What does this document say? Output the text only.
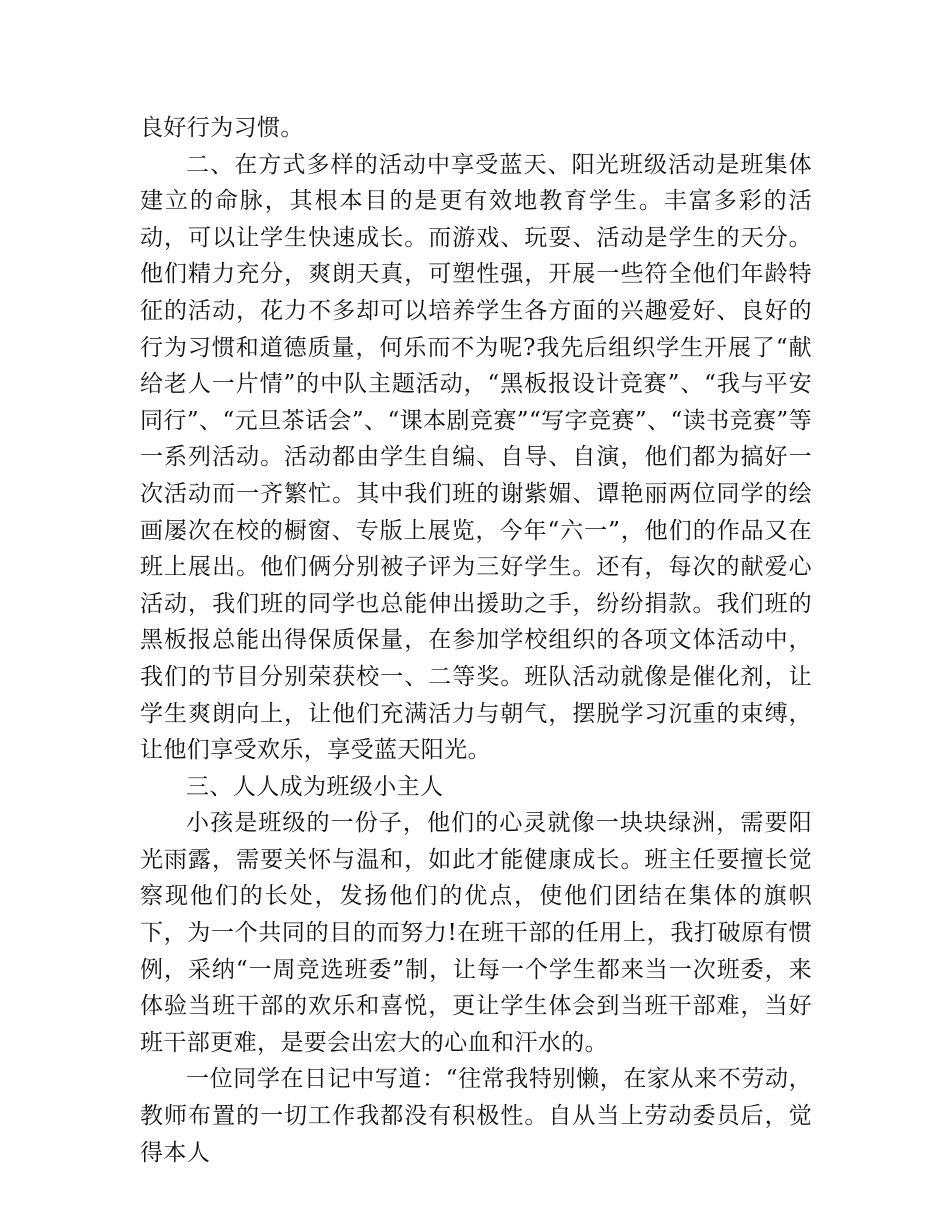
良好行为习惯。

二、在方式多样的活动中享受蓝天、阳光班级活动是班集体建立的命脉，其根本目的是更有效地教育学生。丰富多彩的活动，可以让学生快速成长。而游戏、玩耍、活动是学生的天分。他们精力充分，爽朗天真，可塑性强，开展一些符全他们年龄特征的活动，花力不多却可以培养学生各方面的兴趣爱好、良好的行为习惯和道德质量，何乐而不为呢?我先后组织学生开展了“献给老人一片情”的中队主题活动，“黑板报设计竞赛”、“我与平安同行”、“元旦茶话会”、“课本剧竞赛”“写字竞赛”、“读书竞赛”等一系列活动。活动都由学生自编、自导、自演，他们都为搞好一次活动而一齐繁忙。其中我们班的谢紫媚、谭艳丽两位同学的绘画屡次在校的橱窗、专版上展览，今年“六一”，他们的作品又在班上展出。他们俩分别被子评为三好学生。还有，每次的献爱心活动，我们班的同学也总能伸出援助之手，纷纷捐款。我们班的黑板报总能出得保质保量，在参加学校组织的各项文体活动中，我们的节目分别荣获校一、二等奖。班队活动就像是催化剂，让学生爽朗向上，让他们充满活力与朝气，摆脱学习沉重的束缚，让他们享受欢乐，享受蓝天阳光。

三、人人成为班级小主人

小孩是班级的一份子，他们的心灵就像一块块绿洲，需要阳光雨露，需要关怀与温和，如此才能健康成长。班主任要擅长觉察现他们的长处，发扬他们的优点，使他们团结在集体的旗帜下，为一个共同的目的而努力!在班干部的任用上，我打破原有惯例，采纳“一周竞选班委”制，让每一个学生都来当一次班委，来体验当班干部的欢乐和喜悦，更让学生体会到当班干部难，当好班干部更难，是要会出宏大的心血和汗水的。

一位同学在日记中写道：“往常我特别懒，在家从来不劳动，教师布置的一切工作我都没有积极性。自从当上劳动委员后，觉得本人
